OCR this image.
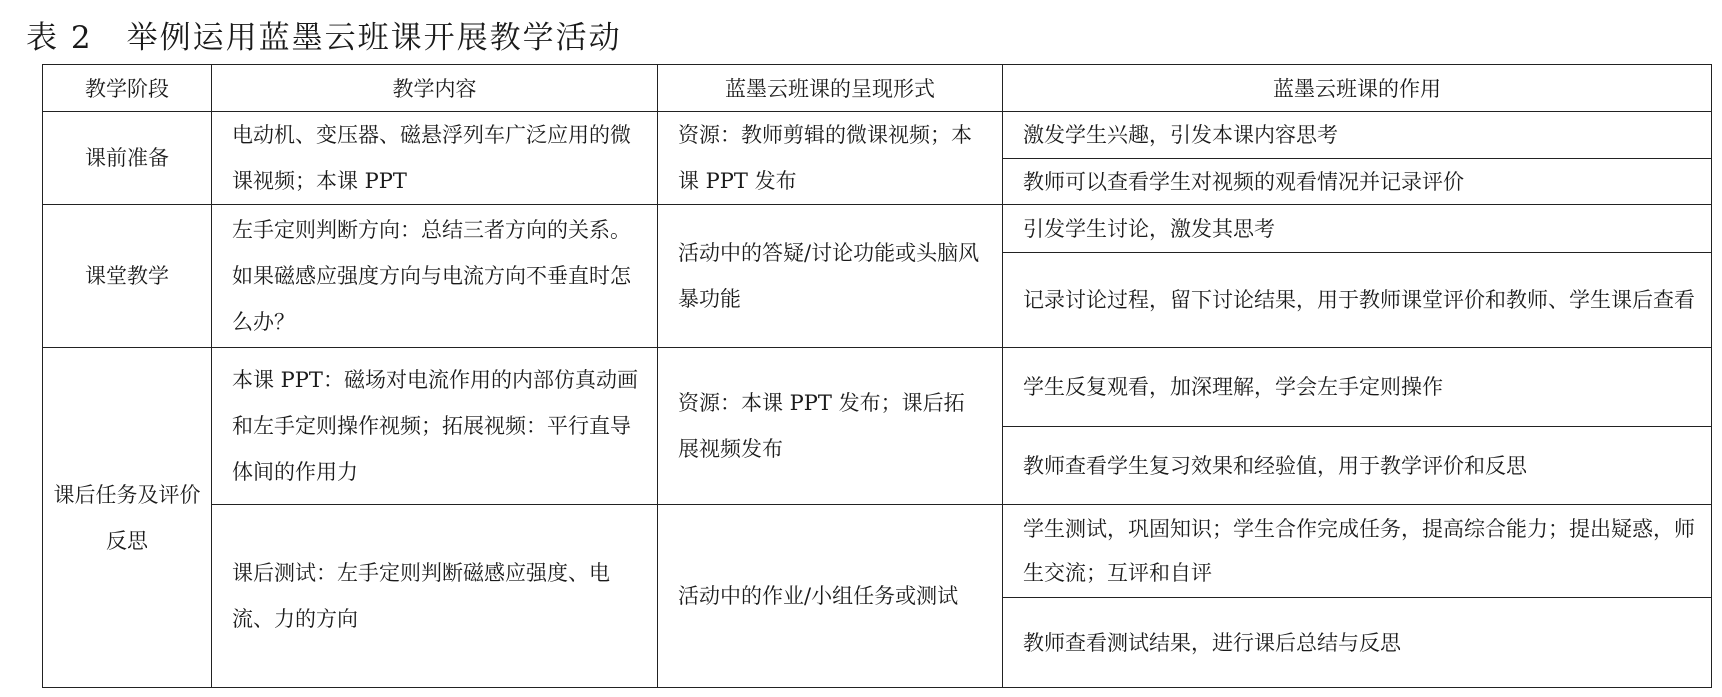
表 2 举例运用蓝墨云班课开展教学活动
教学阶段	教学内容	蓝墨云班课的呈现形式	蓝墨云班课的作用
课前准备	电动机、变压器、磁悬浮列车广泛应用的微课视频；本课 PPT	资源：教师剪辑的微课视频；本课 PPT 发布	激发学生兴趣，引发本课内容思考
教师可以查看学生对视频的观看情况并记录评价

课堂教学	左手定则判断方向：总结三者方向的关系。如果磁感应强度方向与电流方向不垂直时怎么办？	活动中的答疑/讨论功能或头脑风暴功能	引发学生讨论，激发其思考
记录讨论过程，留下讨论结果，用于教师课堂评价和教师、学生课后查看

课后任务及评价反思	本课 PPT：磁场对电流作用的内部仿真动画和左手定则操作视频；拓展视频：平行直导体间的作用力	资源：本课 PPT 发布；课后拓展视频发布	学生反复观看，加深理解，学会左手定则操作
教师查看学生复习效果和经验值，用于教学评价和反思

	课后测试：左手定则判断磁感应强度、电流、力的方向	活动中的作业/小组任务或测试	学生测试，巩固知识；学生合作完成任务，提高综合能力；提出疑惑，师生交流；互评和自评
教师查看测试结果，进行课后总结与反思
